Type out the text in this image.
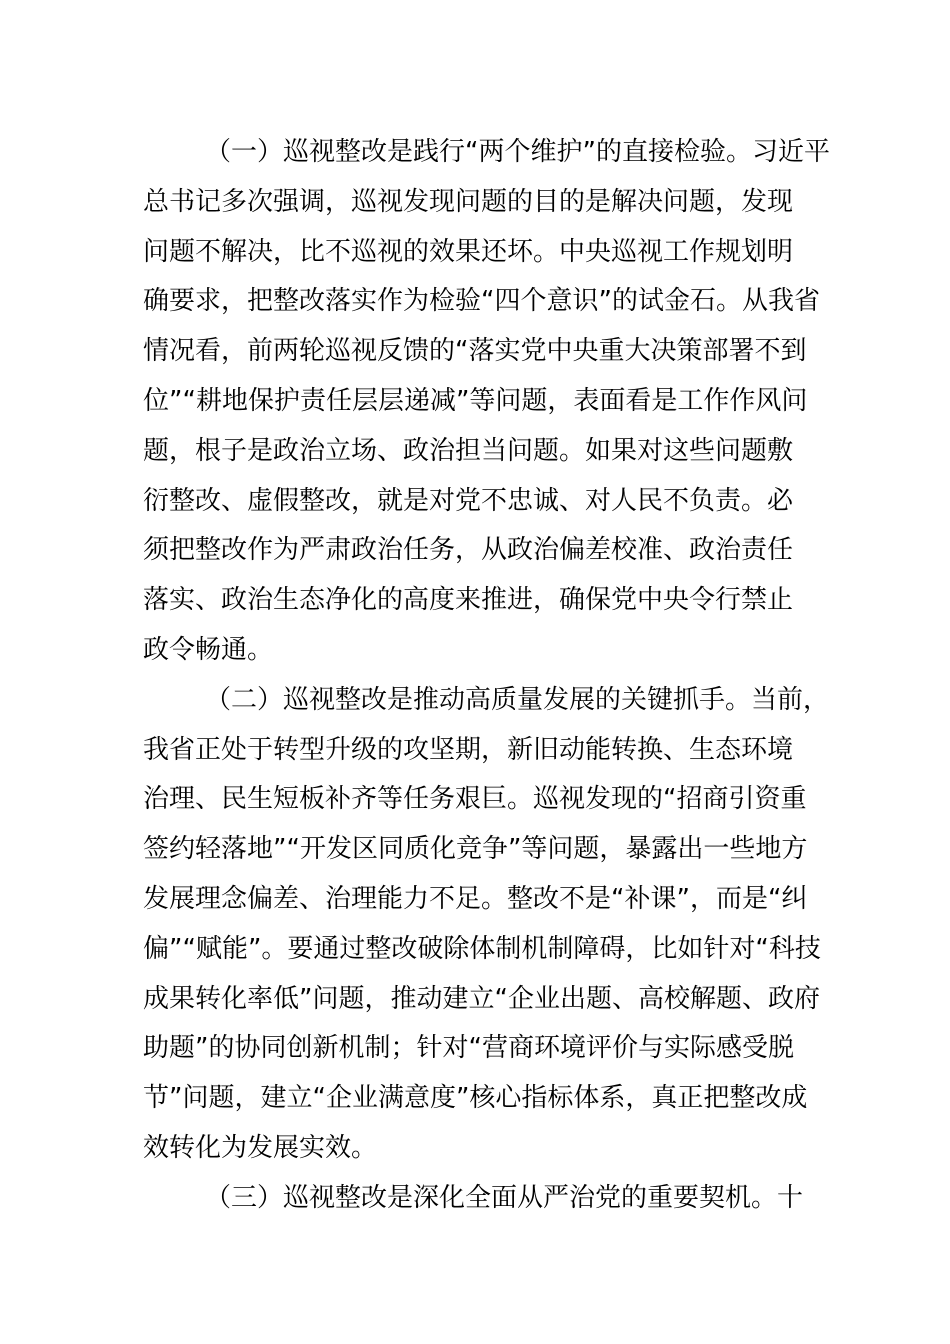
（一）巡视整改是践行“两个维护”的直接检验。习近平
总书记多次强调，巡视发现问题的目的是解决问题，发现
问题不解决，比不巡视的效果还坏。中央巡视工作规划明
确要求，把整改落实作为检验“四个意识”的试金石。从我省
情况看，前两轮巡视反馈的“落实党中央重大决策部署不到
位”“耕地保护责任层层递减”等问题，表面看是工作作风问
题，根子是政治立场、政治担当问题。如果对这些问题敷
衍整改、虚假整改，就是对党不忠诚、对人民不负责。必
须把整改作为严肃政治任务，从政治偏差校准、政治责任
落实、政治生态净化的高度来推进，确保党中央令行禁止
政令畅通。
（二）巡视整改是推动高质量发展的关键抓手。当前，
我省正处于转型升级的攻坚期，新旧动能转换、生态环境
治理、民生短板补齐等任务艰巨。巡视发现的“招商引资重
签约轻落地”“开发区同质化竞争”等问题，暴露出一些地方
发展理念偏差、治理能力不足。整改不是“补课”，而是“纠
偏”“赋能”。要通过整改破除体制机制障碍，比如针对“科技
成果转化率低”问题，推动建立“企业出题、高校解题、政府
助题”的协同创新机制；针对“营商环境评价与实际感受脱
节”问题，建立“企业满意度”核心指标体系，真正把整改成
效转化为发展实效。
（三）巡视整改是深化全面从严治党的重要契机。十
